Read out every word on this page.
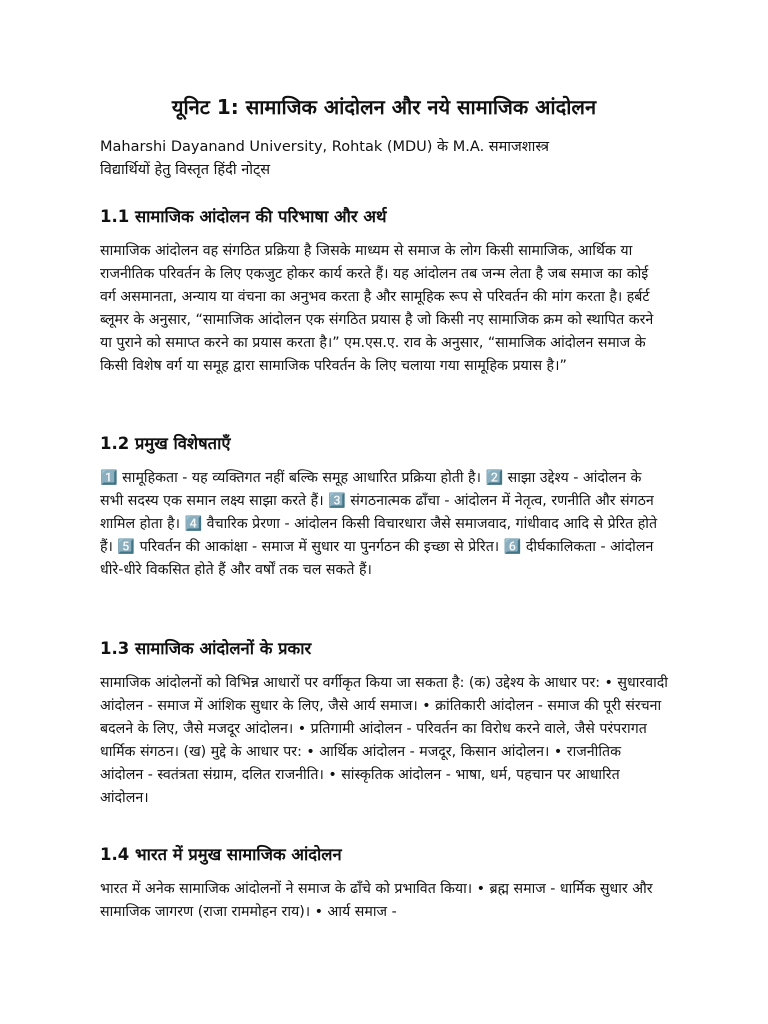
यूनिट 1: सामाजिक आंदोलन और नये सामाजिक आंदोलन

Maharshi Dayanand University, Rohtak (MDU) के M.A. समाजशास्त्र

विद्यार्थियों हेतु विस्तृत हिंदी नोट्स

1.1 सामाजिक आंदोलन की परिभाषा और अर्थ

सामाजिक आंदोलन वह संगठित प्रक्रिया है जिसके माध्यम से समाज के लोग किसी सामाजिक, आर्थिक या राजनीतिक परिवर्तन के लिए एकजुट होकर कार्य करते हैं। यह आंदोलन तब जन्म लेता है जब समाज का कोई वर्ग असमानता, अन्याय या वंचना का अनुभव करता है और सामूहिक रूप से परिवर्तन की मांग करता है। हर्बर्ट ब्लूमर के अनुसार, “सामाजिक आंदोलन एक संगठित प्रयास है जो किसी नए सामाजिक क्रम को स्थापित करने या पुराने को समाप्त करने का प्रयास करता है।” एम.एस.ए. राव के अनुसार, “सामाजिक आंदोलन समाज के किसी विशेष वर्ग या समूह द्वारा सामाजिक परिवर्तन के लिए चलाया गया सामूहिक प्रयास है।”

1.2 प्रमुख विशेषताएँ

1️⃣ सामूहिकता - यह व्यक्तिगत नहीं बल्कि समूह आधारित प्रक्रिया होती है। 2️⃣ साझा उद्देश्य - आंदोलन के सभी सदस्य एक समान लक्ष्य साझा करते हैं। 3️⃣ संगठनात्मक ढाँचा - आंदोलन में नेतृत्व, रणनीति और संगठन शामिल होता है। 4️⃣ वैचारिक प्रेरणा - आंदोलन किसी विचारधारा जैसे समाजवाद, गांधीवाद आदि से प्रेरित होते हैं। 5️⃣ परिवर्तन की आकांक्षा - समाज में सुधार या पुनर्गठन की इच्छा से प्रेरित। 6️⃣ दीर्घकालिकता - आंदोलन धीरे-धीरे विकसित होते हैं और वर्षों तक चल सकते हैं।

1.3 सामाजिक आंदोलनों के प्रकार

सामाजिक आंदोलनों को विभिन्न आधारों पर वर्गीकृत किया जा सकता है: (क) उद्देश्य के आधार पर: • सुधारवादी आंदोलन - समाज में आंशिक सुधार के लिए, जैसे आर्य समाज। • क्रांतिकारी आंदोलन - समाज की पूरी संरचना बदलने के लिए, जैसे मजदूर आंदोलन। • प्रतिगामी आंदोलन - परिवर्तन का विरोध करने वाले, जैसे परंपरागत धार्मिक संगठन। (ख) मुद्दे के आधार पर: • आर्थिक आंदोलन - मजदूर, किसान आंदोलन। • राजनीतिक आंदोलन - स्वतंत्रता संग्राम, दलित राजनीति। • सांस्कृतिक आंदोलन - भाषा, धर्म, पहचान पर आधारित आंदोलन।

1.4 भारत में प्रमुख सामाजिक आंदोलन

भारत में अनेक सामाजिक आंदोलनों ने समाज के ढाँचे को प्रभावित किया। • ब्रह्म समाज - धार्मिक सुधार और सामाजिक जागरण (राजा राममोहन राय)। • आर्य समाज -
